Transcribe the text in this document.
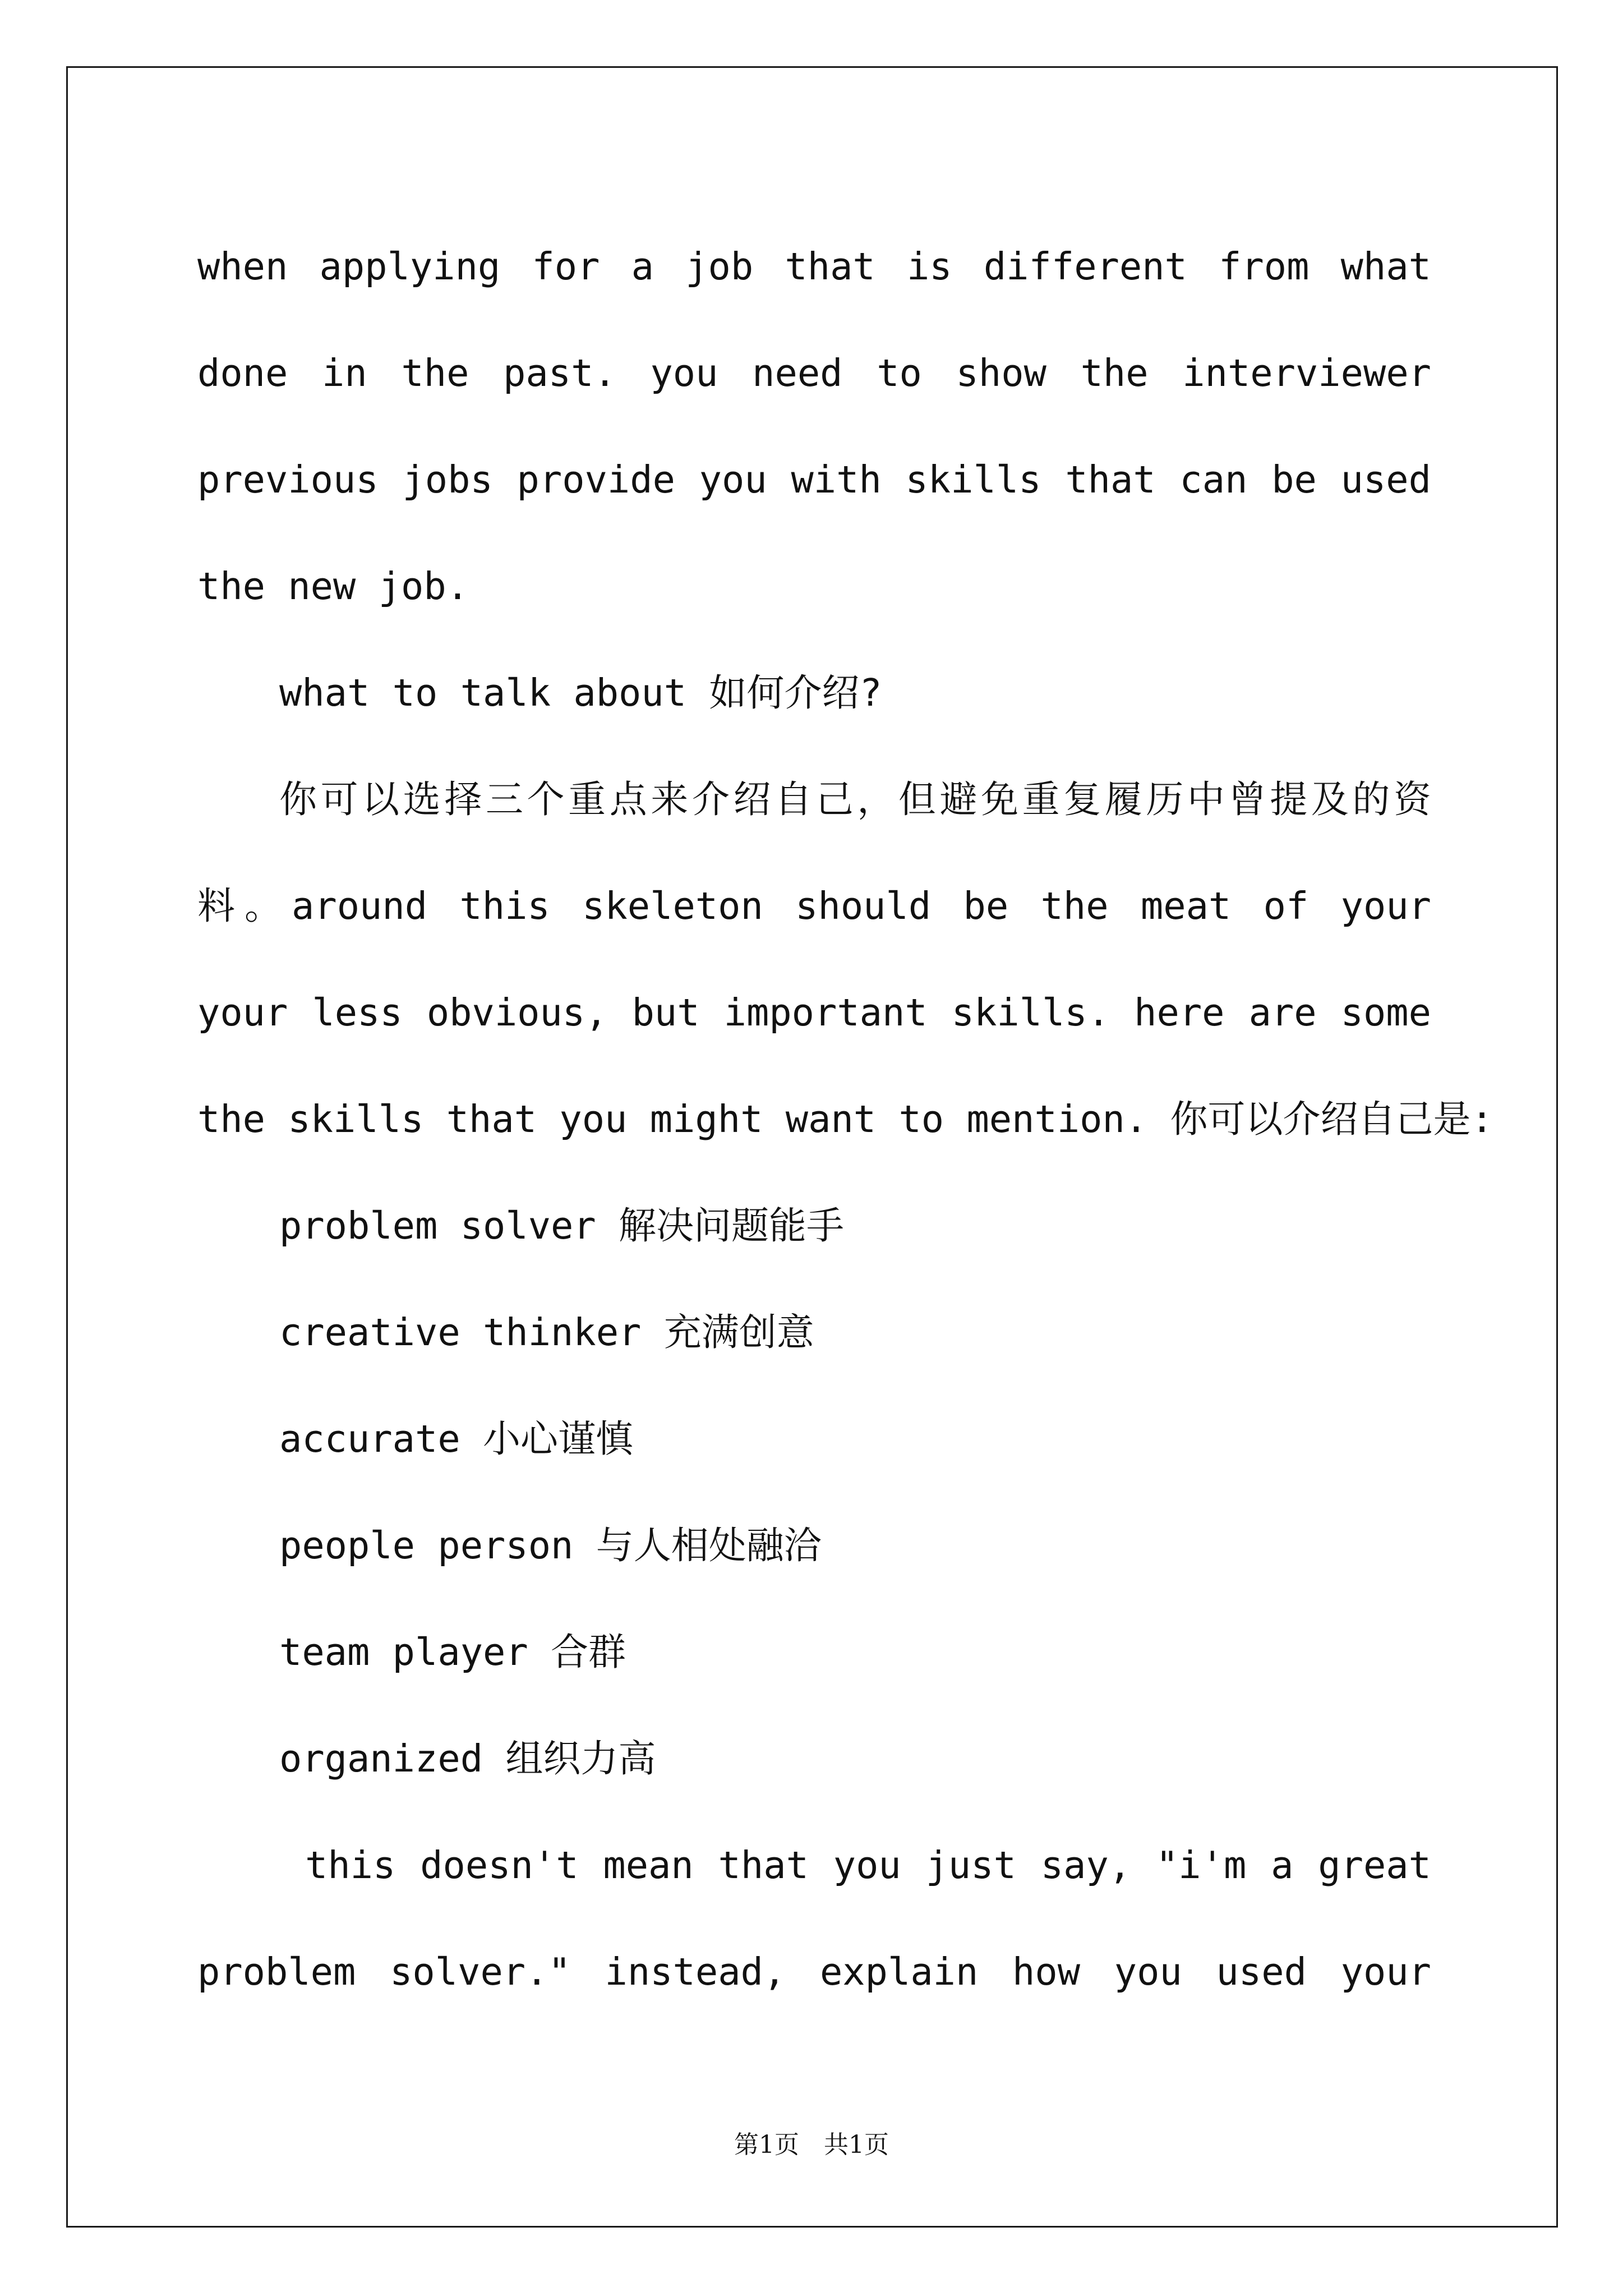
when applying for a job that is different from what
done in the past. you need to show the interviewer
previous jobs provide you with skills that can be used
the new job.
what to talk about 如何介绍?
你可以选择三个重点来介绍自己，但避免重复履历中曾提及的资
料。around this skeleton should be the meat of your
your less obvious, but important skills. here are some
the skills that you might want to mention. 你可以介绍自己是:
problem solver 解决问题能手
creative thinker 充满创意
accurate 小心谨慎
people person 与人相处融洽
team player 合群
organized 组织力高
this doesn't mean that you just say, "i'm a great
problem solver." instead, explain how you used your
第1页　共1页
